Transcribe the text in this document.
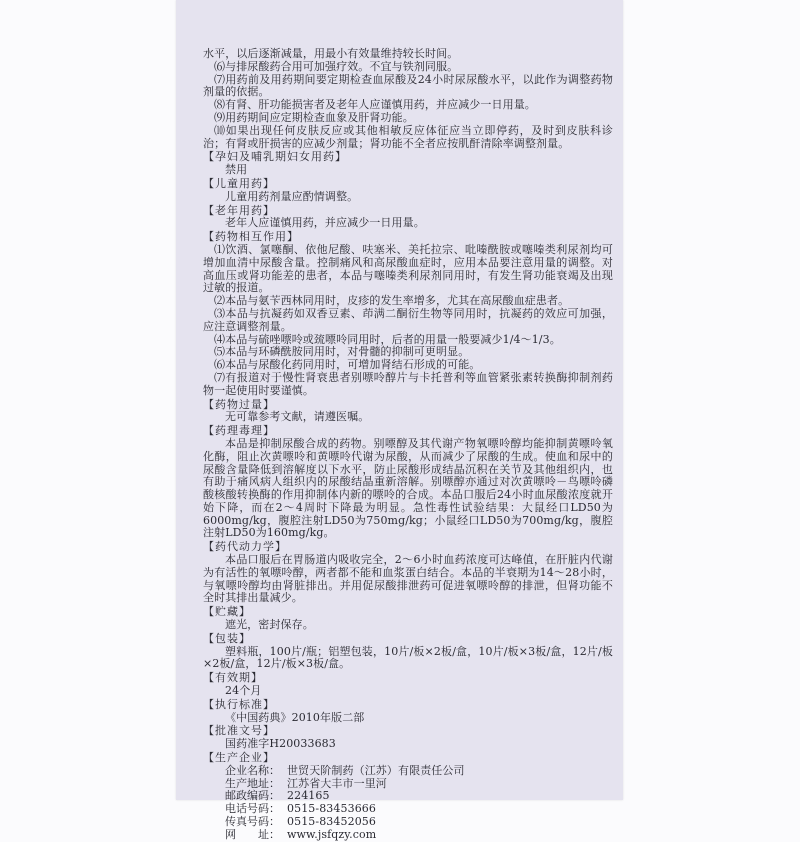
水平，以后逐渐减量，用最小有效量维持较长时间。

⑹与排尿酸药合用可加强疗效。不宜与铁剂同服。

⑺用药前及用药期间要定期检查血尿酸及24小时尿尿酸水平，以此作为调整药物剂量的依据。

⑻有肾、肝功能损害者及老年人应谨慎用药，并应减少一日用量。

⑼用药期间应定期检查血象及肝肾功能。

⑽如果出现任何皮肤反应或其他相敏反应体征应当立即停药，及时到皮肤科诊治；有肾或肝损害的应减少剂量；肾功能不全者应按肌酐清除率调整剂量。

【孕妇及哺乳期妇女用药】

禁用

【儿童用药】

儿童用药剂量应酌情调整。

【老年用药】

老年人应谨慎用药，并应减少一日用量。

【药物相互作用】

⑴饮酒、氯噻酮、依他尼酸、呋塞米、美托拉宗、吡嗪酰胺或噻嗪类利尿剂均可增加血清中尿酸含量。控制痛风和高尿酸血症时，应用本品要注意用量的调整。对高血压或肾功能差的患者，本品与噻嗪类利尿剂同用时，有发生肾功能衰竭及出现过敏的报道。

⑵本品与氨苄西林同用时，皮疹的发生率增多，尤其在高尿酸血症患者。

⑶本品与抗凝药如双香豆素、茚满二酮衍生物等同用时，抗凝药的效应可加强，应注意调整剂量。

⑷本品与硫唑嘌呤或巯嘌呤同用时，后者的用量一般要减少1/4～1/3。

⑸本品与环磷酰胺同用时，对骨髓的抑制可更明显。

⑹本品与尿酸化药同用时，可增加肾结石形成的可能。

⑺有报道对于慢性肾衰患者别嘌呤醇片与卡托普利等血管紧张素转换酶抑制剂药物一起使用时要谨慎。

【药物过量】

无可靠参考文献，请遵医嘱。

【药理毒理】

本品是抑制尿酸合成的药物。别嘌醇及其代谢产物氧嘌呤醇均能抑制黄嘌呤氧化酶，阻止次黄嘌呤和黄嘌呤代谢为尿酸，从而减少了尿酸的生成。使血和尿中的尿酸含量降低到溶解度以下水平，防止尿酸形成结晶沉积在关节及其他组织内，也有助于痛风病人组织内的尿酸结晶重新溶解。别嘌醇亦通过对次黄嘌呤－鸟嘌呤磷酸核酸转换酶的作用抑制体内新的嘌呤的合成。本品口服后24小时血尿酸浓度就开始下降，而在2～4周时下降最为明显。急性毒性试验结果：大鼠经口LD50为6000mg/kg，腹腔注射LD50为750mg/kg；小鼠经口LD50为700mg/kg，腹腔注射LD50为160mg/kg。

【药代动力学】

本品口服后在胃肠道内吸收完全，2～6小时血药浓度可达峰值，在肝脏内代谢为有活性的氧嘌呤醇，两者都不能和血浆蛋白结合。本品的半衰期为14～28小时，与氧嘌呤醇均由肾脏排出。并用促尿酸排泄药可促进氧嘌呤醇的排泄，但肾功能不全时其排出量减少。

【贮藏】

遮光，密封保存。

【包装】

塑料瓶，100片/瓶；铝塑包装，10片/板×2板/盒，10片/板×3板/盒，12片/板×2板/盒，12片/板×3板/盒。

【有效期】

24个月

【执行标准】

《中国药典》2010年版二部

【批准文号】

国药准字H20033683

【生产企业】

企业名称： 世贸天阶制药（江苏）有限责任公司
生产地址： 江苏省大丰市一里河
邮政编码： 224165
电话号码： 0515-83453666
传真号码： 0515-83452056
网　　址： www.jsfqzy.com
